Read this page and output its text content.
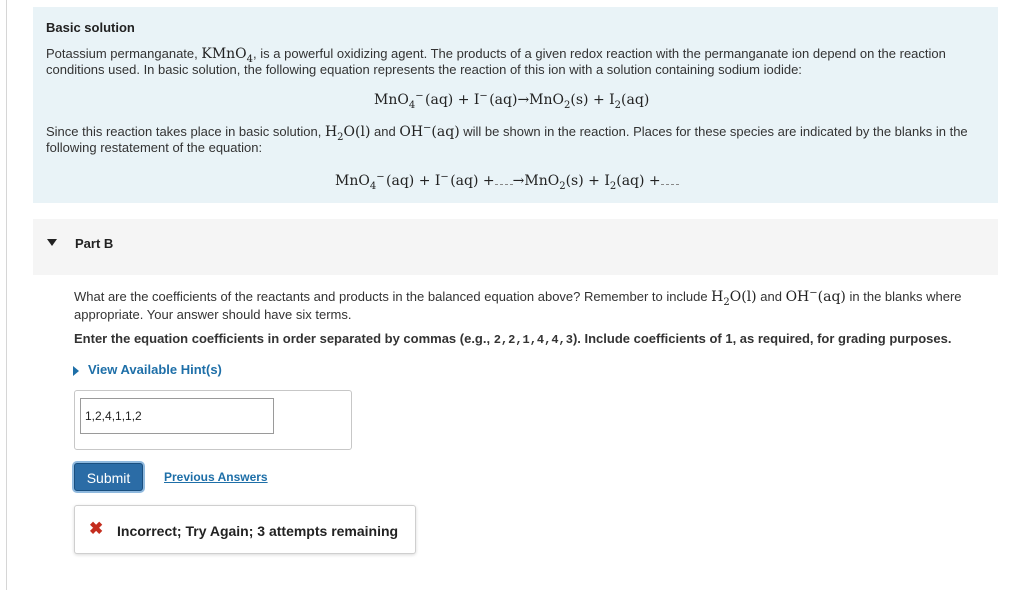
Basic solution
Potassium permanganate, KMnO$_4$, is a powerful oxidizing agent. The products of a given redox reaction with the permanganate ion depend on the reaction conditions used. In basic solution, the following equation represents the reaction of this ion with a solution containing sodium iodide:
MnO$_4$− (aq) + I− $(aq)\to MnO_2(s) + I_2(aq)$
Since this reaction takes place in basic solution, $H_2O(l)$ and OH−(aq) will be shown in the reaction. Places for these species are indicated by the blanks in the following restatement of the equation:
MnO$_4$− (aq) + I− $(aq) + \to MnO_2(s) + I_2(aq)$ +
Part B
What are the coefficients of the reactants and products in the balanced equation above? Remember to include $H_2O(l)$ and OH−(aq) in the blanks where appropriate. Your answer should have six terms.
Enter the equation coefficients in order separated by commas (e.g., 2,2,1,4,4,3). Include coefficients of 1, as required, for grading purposes.
View Available Hint(s)
1,2,4,1,1,2
Submit	Previous Answers
✖ Incorrect; Try Again; 3 attempts remaining
